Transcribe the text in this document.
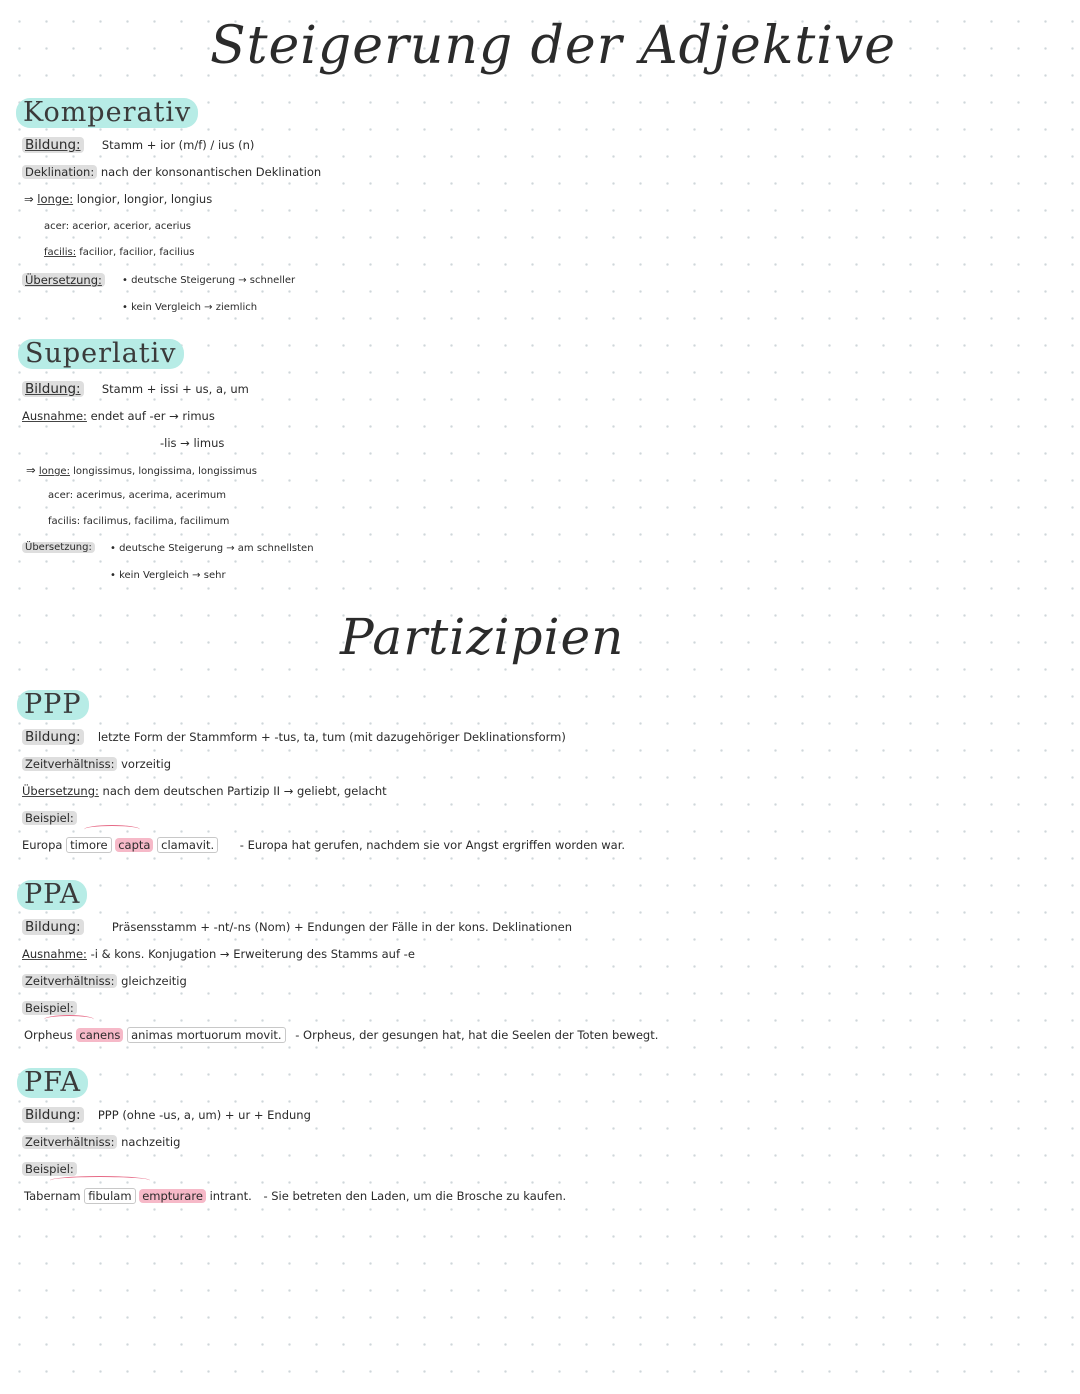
Steigerung der Adjektive
Partizipien
Komperativ
Bildung: Stamm + ior (m/f) / ius (n)
Deklination: nach der konsonantischen Deklination
⇒ longe: longior, longior, longius
acer: acerior, acerior, acerius
facilis: facilior, facilior, facilius
Übersetzung:	• deutsche Steigerung → schneller
• kein Vergleich → ziemlich
Superlativ
Bildung: Stamm + issi + us, a, um
Ausnahme: endet auf -er → rimus
-lis → limus
⇒ longe: longissimus, longissima, longissimus
acer: acerimus, acerima, acerimum
facilis: facilimus, facilima, facilimum
Übersetzung:	• deutsche Steigerung → am schnellsten
• kein Vergleich → sehr
PPP
Bildung: letzte Form der Stammform + -tus, ta, tum (mit dazugehöriger Deklinationsform)
Zeitverhältniss: vorzeitig
Übersetzung: nach dem deutschen Partizip II → geliebt, gelacht
Beispiel:
Europa timore capta clamavit. - Europa hat gerufen, nachdem sie vor Angst ergriffen worden war.
PPA
Bildung:	Präsensstamm + -nt/-ns (Nom) + Endungen der Fälle in der kons. Deklinationen
Ausnahme: -i & kons. Konjugation → Erweiterung des Stamms auf -e
Zeitverhältniss: gleichzeitig
Beispiel:
Orpheus canens animas mortuorum movit. - Orpheus, der gesungen hat, hat die Seelen der Toten bewegt.
PFA
Bildung: PPP (ohne -us, a, um) + ur + Endung
Zeitverhältniss: nachzeitig
Beispiel:
Tabernam fibulam empturare intrant. - Sie betreten den Laden, um die Brosche zu kaufen.
